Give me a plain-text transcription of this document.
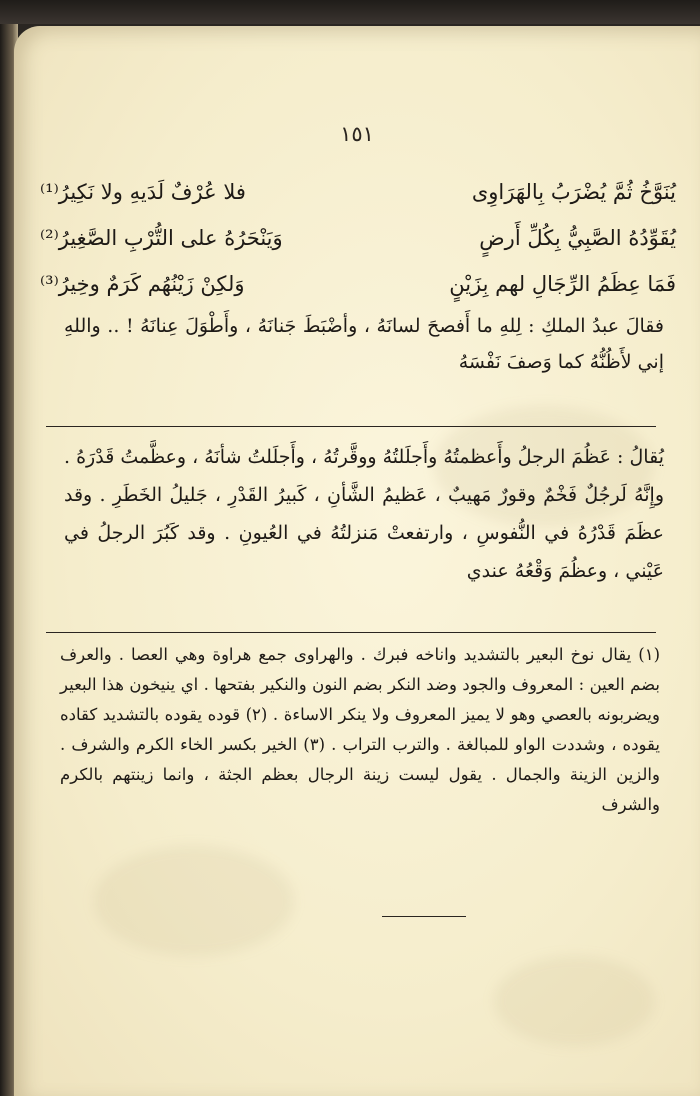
١٥١
يُنَوَّخُ ثُمَّ يُضْرَبُ بِالهَرَاوِى
فلا عُرْفٌ لَدَيهِ ولا نَكِيرُ⁽¹⁾
يُقَوِّدُهُ الصَّبِيُّ بِكُلِّ أَرضٍ
وَيَنْحَرُهُ على التُّرْبِ الصَّغِيرُ⁽²⁾
فَمَا عِظَمُ الرِّجَالِ لهم بِزَيْنٍ
وَلكِنْ زَيْنُهُم كَرَمٌ وخِيرُ⁽³⁾
فقالَ عبدُ الملكِ : لِلهِ ما أَفصحَ لسانَهُ ، وأضْبَطَ جَنانَهُ ، وأَطْوَلَ عِنانَهُ ! .. واللهِ إني لأَظُنُّهُ كما وَصفَ نَفْسَهُ
يُقالُ : عَظُمَ الرجلُ وأَعظمتُهُ وأَجلَلتُهُ ووقَّرتُهُ ، وأَجلَلتُ شأنَهُ ، وعظَّمتُ قَدْرَهُ . وإِنَّهُ لَرجُلٌ فَخْمٌ وقورٌ مَهيبٌ ، عَظيمُ الشَّأنِ ، كَبيرُ القَدْرِ ، جَليلُ الخَطَرِ . وقد عظَمَ قَدْرُهُ في النُّفوسِ ، وارتفعتْ مَنزلتُهُ في العُيونِ . وقد كَبُرَ الرجلُ في عَيْني ، وعظُمَ وَقْعُهُ عندي
(١) يقال نوخ البعير بالتشديد واناخه فبرك . والهراوى جمع هراوة وهي العصا . والعرف بضم العين : المعروف والجود وضد النكر بضم النون والنكير بفتحها . اي ينيخون هذا البعير ويضربونه بالعصي وهو لا يميز المعروف ولا ينكر الاساءة . (٢) قوده يقوده بالتشديد كقاده يقوده ، وشددت الواو للمبالغة . والترب التراب . (٣) الخير بكسر الخاء الكرم والشرف . والزين الزينة والجمال . يقول ليست زينة الرجال بعظم الجثة ، وانما زينتهم بالكرم والشرف
